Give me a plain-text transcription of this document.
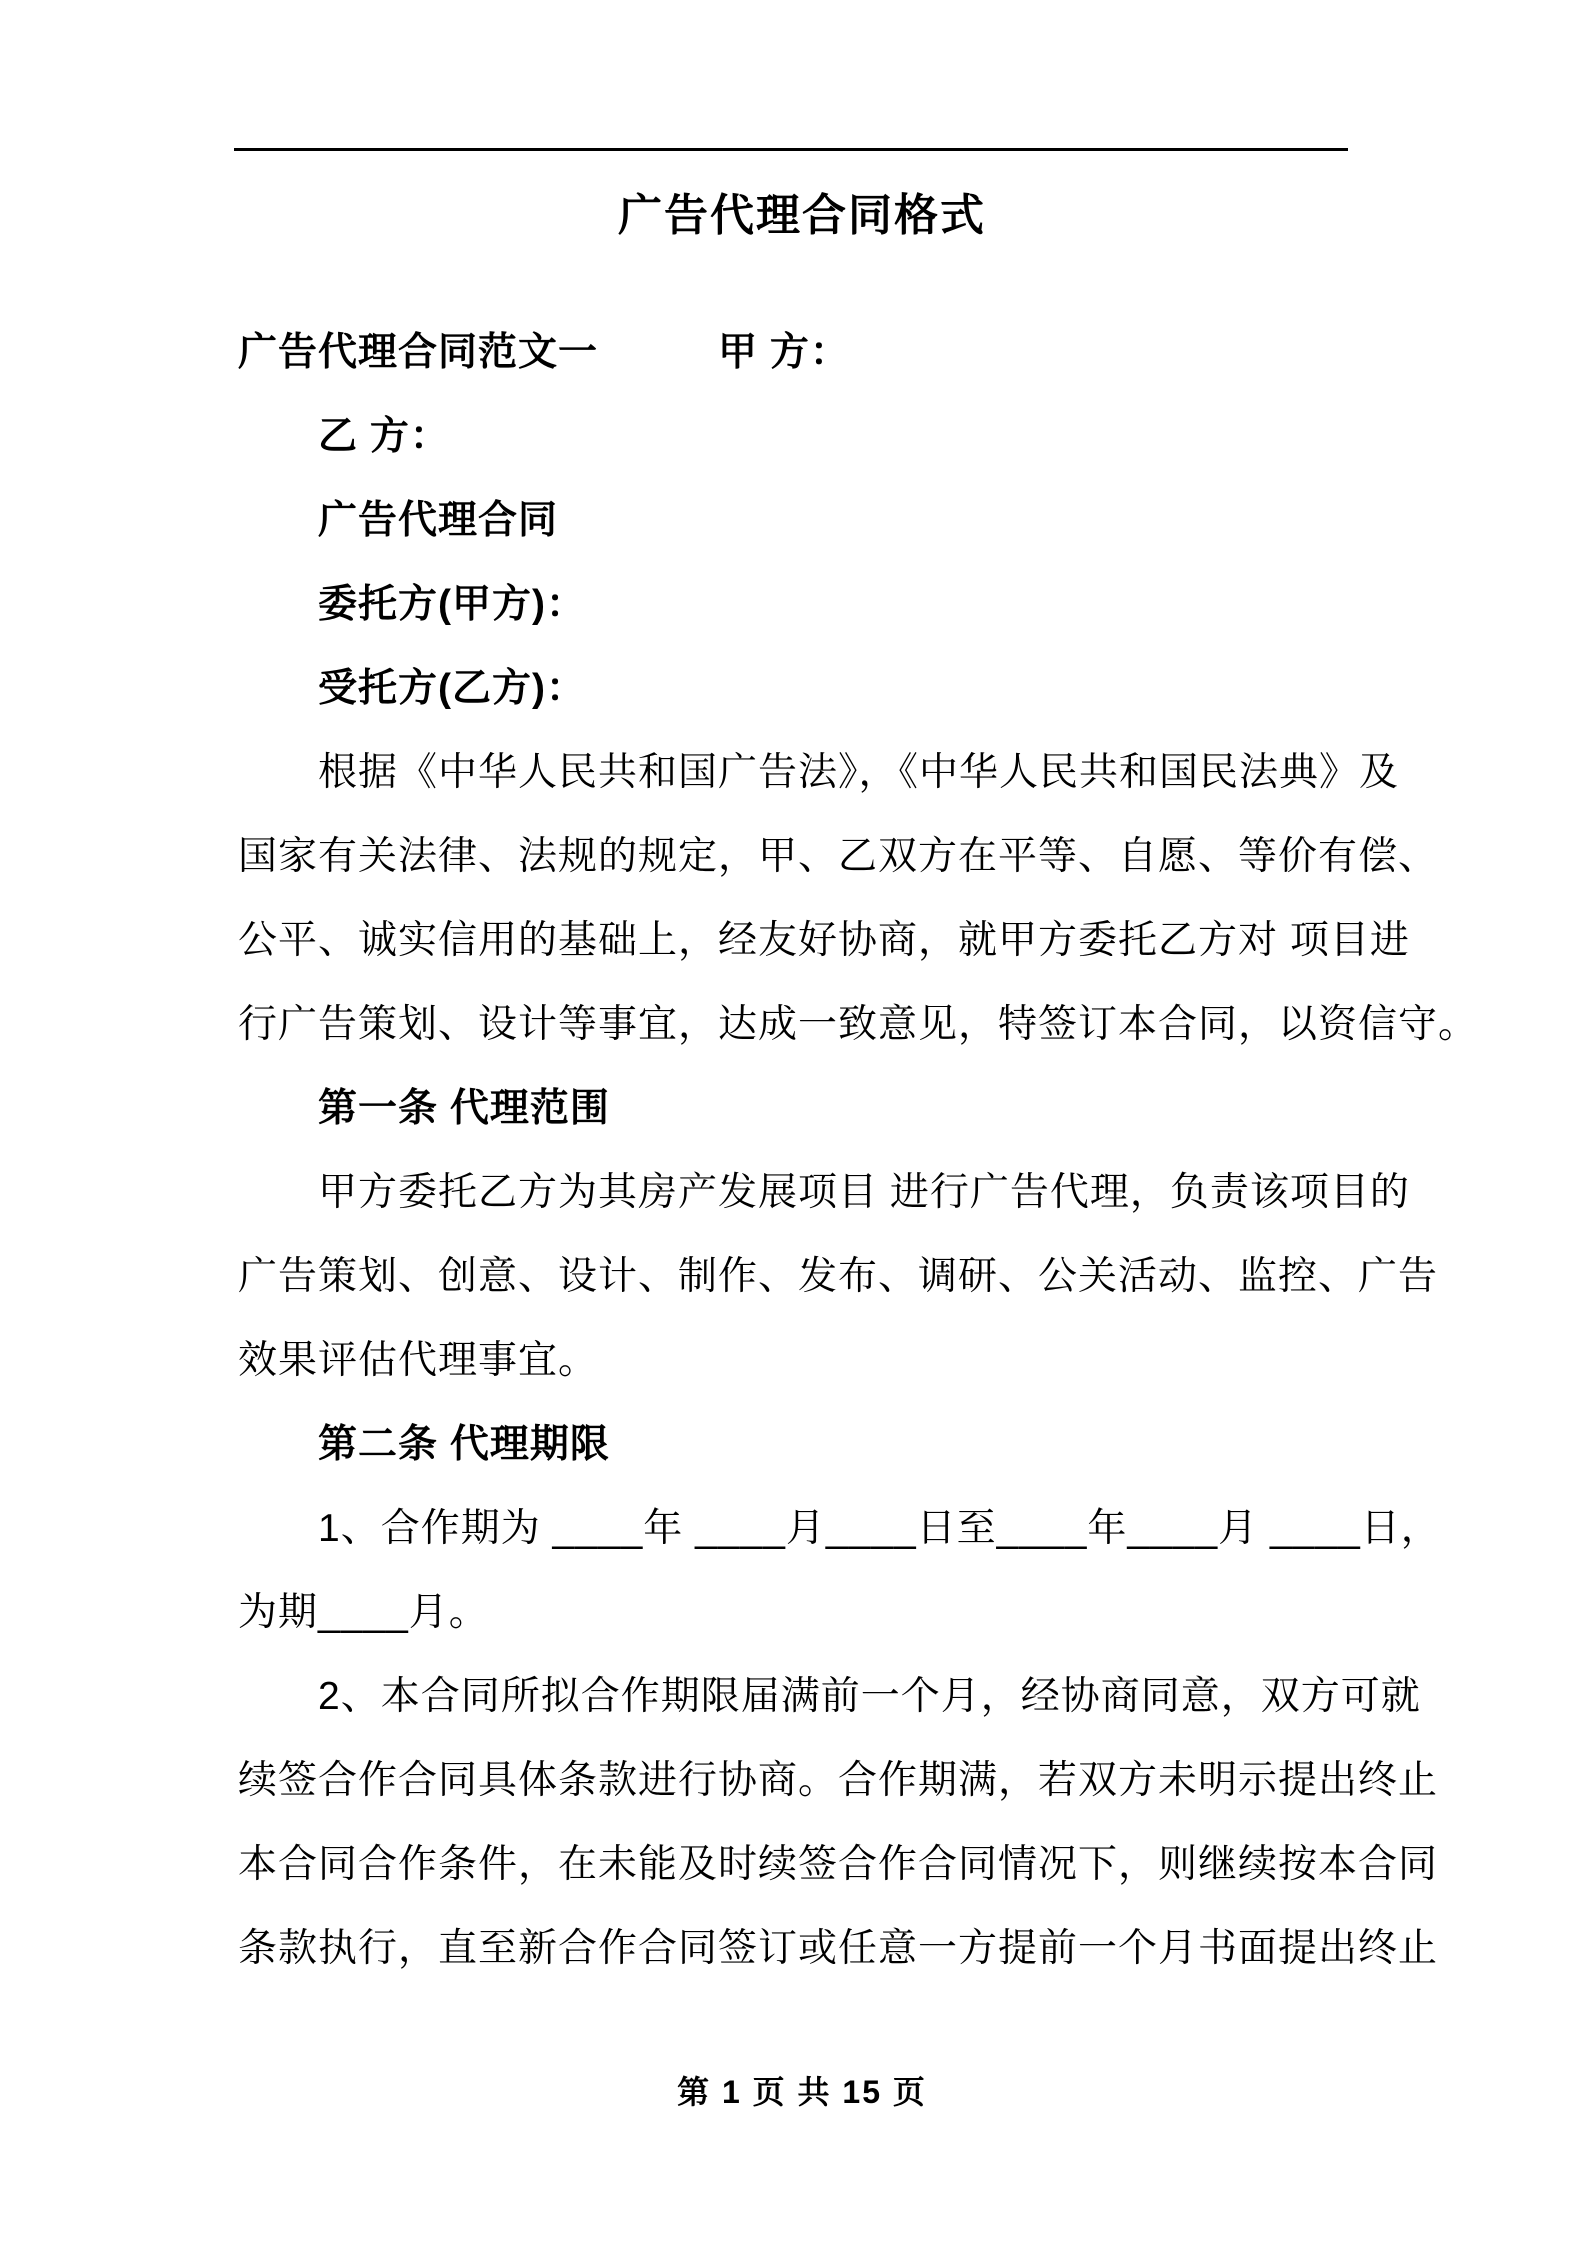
广告代理合同格式
广告代理合同范文一　　　甲 方：
乙 方：
广告代理合同
委托方(甲方)：
受托方(乙方)：
根据《中华人民共和国广告法》，《中华人民共和国民法典》及
国家有关法律、法规的规定，甲、乙双方在平等、自愿、等价有偿、
公平、诚实信用的基础上，经友好协商，就甲方委托乙方对 项目进
行广告策划、设计等事宜，达成一致意见，特签订本合同，以资信守。
第一条 代理范围
甲方委托乙方为其房产发展项目 进行广告代理，负责该项目的
广告策划、创意、设计、制作、发布、调研、公关活动、监控、广告
效果评估代理事宜。
第二条 代理期限
1、合作期为 ____年 ____月____日至____年____月 ____日，
为期____月。
2、本合同所拟合作期限届满前一个月，经协商同意，双方可就
续签合作合同具体条款进行协商。合作期满，若双方未明示提出终止
本合同合作条件，在未能及时续签合作合同情况下，则继续按本合同
条款执行，直至新合作合同签订或任意一方提前一个月书面提出终止
第 1 页 共 15 页
